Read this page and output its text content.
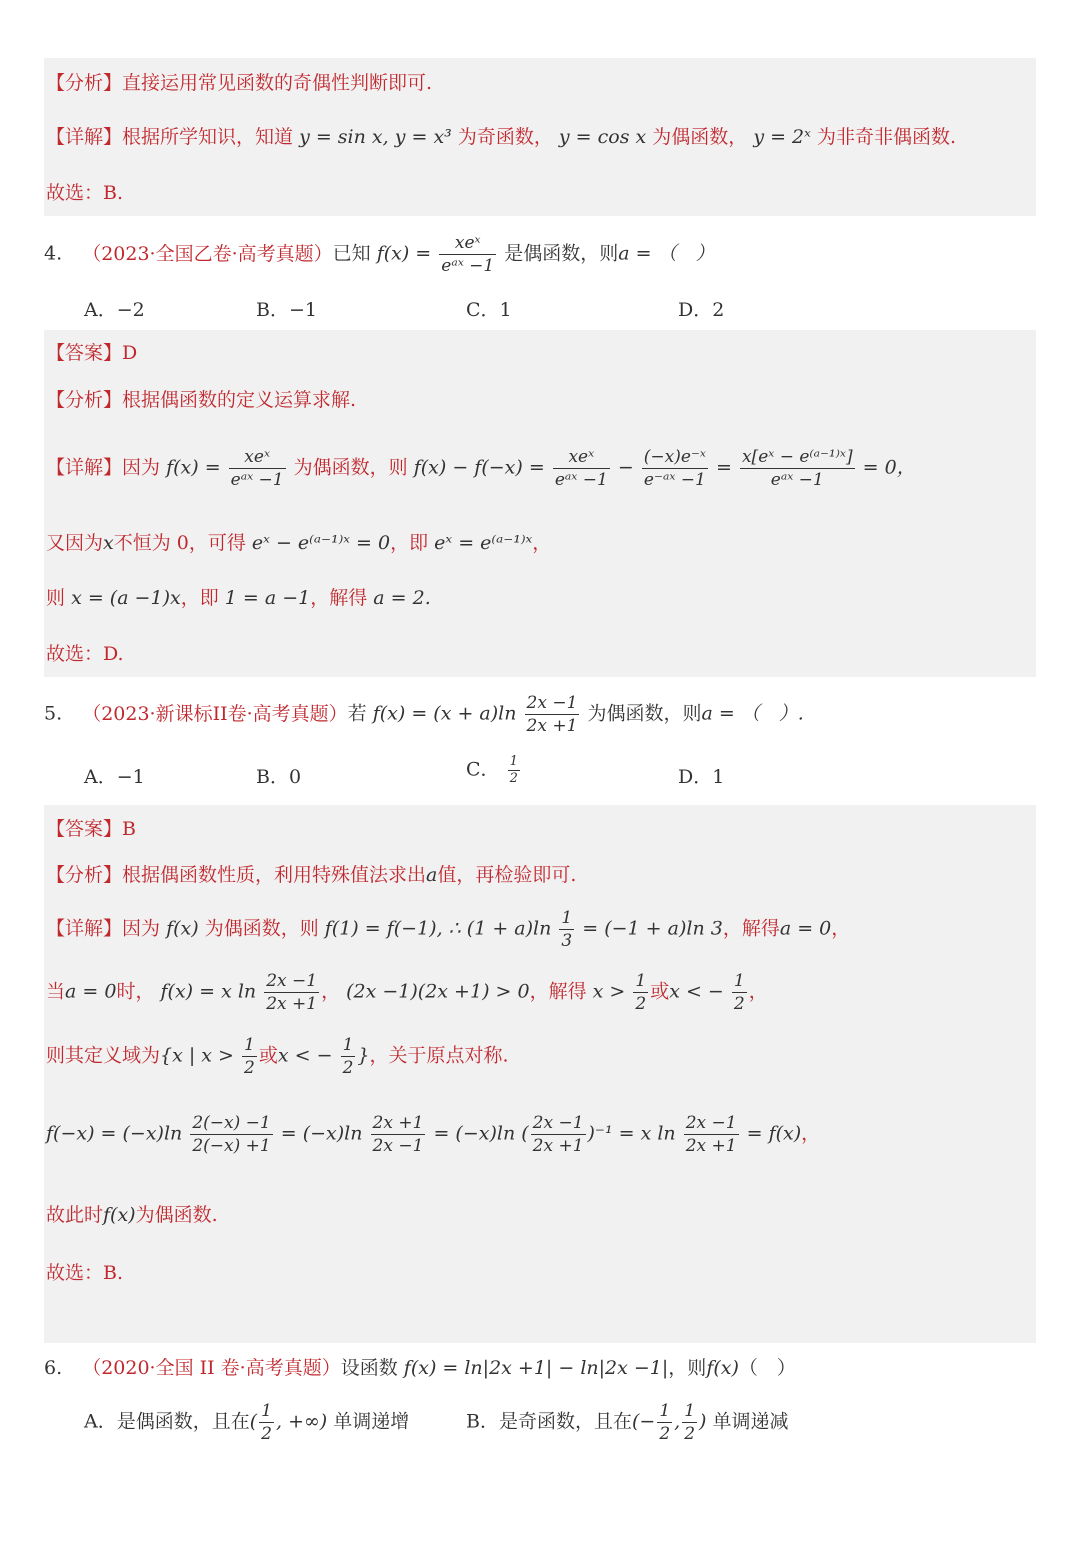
【分析】直接运用常见函数的奇偶性判断即可.
【详解】根据所学知识，知道 y = sin x, y = x³ 为奇函数， y = cos x 为偶函数， y = 2ˣ 为非奇非偶函数.
故选：B.
4. （2023·全国乙卷·高考真题）已知 $f(x) = \frac{\text{xeˣ}}{\text{eᵃˣ −1}}$ 是偶函数，则a = （　）
A．−2	B．−1	C．1	D．2
【答案】D
【分析】根据偶函数的定义运算求解.
【详解】因为 $f(x) = \frac{\text{xeˣ}}{\text{eᵃˣ −1}}$ 为偶函数，则 $f(x) - f(-x) = \frac{\text{xeˣ}}{\text{eᵃˣ −1}} - \frac{\text{(−x)e⁻ˣ}}{\text{e⁻ᵃˣ −1}} = \frac{\text{x[eˣ − e⁽ᵃ⁻¹⁾ˣ]}}{\text{eᵃˣ −1}} = 0$，
又因为x不恒为 0，可得 eˣ − e⁽ᵃ⁻¹⁾ˣ = 0，即 eˣ = e⁽ᵃ⁻¹⁾ˣ，
则 x = (a −1)x，即 1 = a −1，解得 a = 2.
故选：D.
5. （2023·新课标II卷·高考真题）若 $f(x) = (x + a)\ln \frac{2x -1}{2x +1}$ 为偶函数，则a = （　）.
A．−1	B．0	C． $\frac{1}{2}$	D．1
【答案】B
【分析】根据偶函数性质，利用特殊值法求出a值，再检验即可.
【详解】因为 f(x) 为偶函数，则 f(1) = f(−1), ∴ $(1 + a)\ln \frac{1}{3} = (-1 + a)\ln$ 3，解得a = 0，
当a = 0时， f(x) = x $\ln \frac{2x -1}{2x +1}$ ， (2x −1)(2x +1) > 0，解得 $x > \frac{1}{2}$ 或x < − $\frac{1}{2}$ ，
则其定义域为{x | $x > \frac{1}{2}$ 或x < − $\frac{1}{2}$ }，关于原点对称.
$f(-x) = (-x)\ln \frac{2(-x) -1}{2(-x) +1} = (-x)\ln \frac{2x +1}{2x -1} = (-x)\ln$ ( $\frac{2x -1}{2x +1} )^{-1} = x$ $\ln \frac{2x -1}{2x +1} = f(x)$，
故此时f(x)为偶函数.
故选：B.
6. （2020·全国 II 卷·高考真题）设函数 f(x) = ln|2x +1| − ln|2x −1|，则f(x)（　）
A．是偶函数，且在( $\frac{1}{2}$ , +∞) 单调递增	B．是奇函数，且在(− $\frac{1}{2}$ , $\frac{1}{2}$ ) 单调递减
